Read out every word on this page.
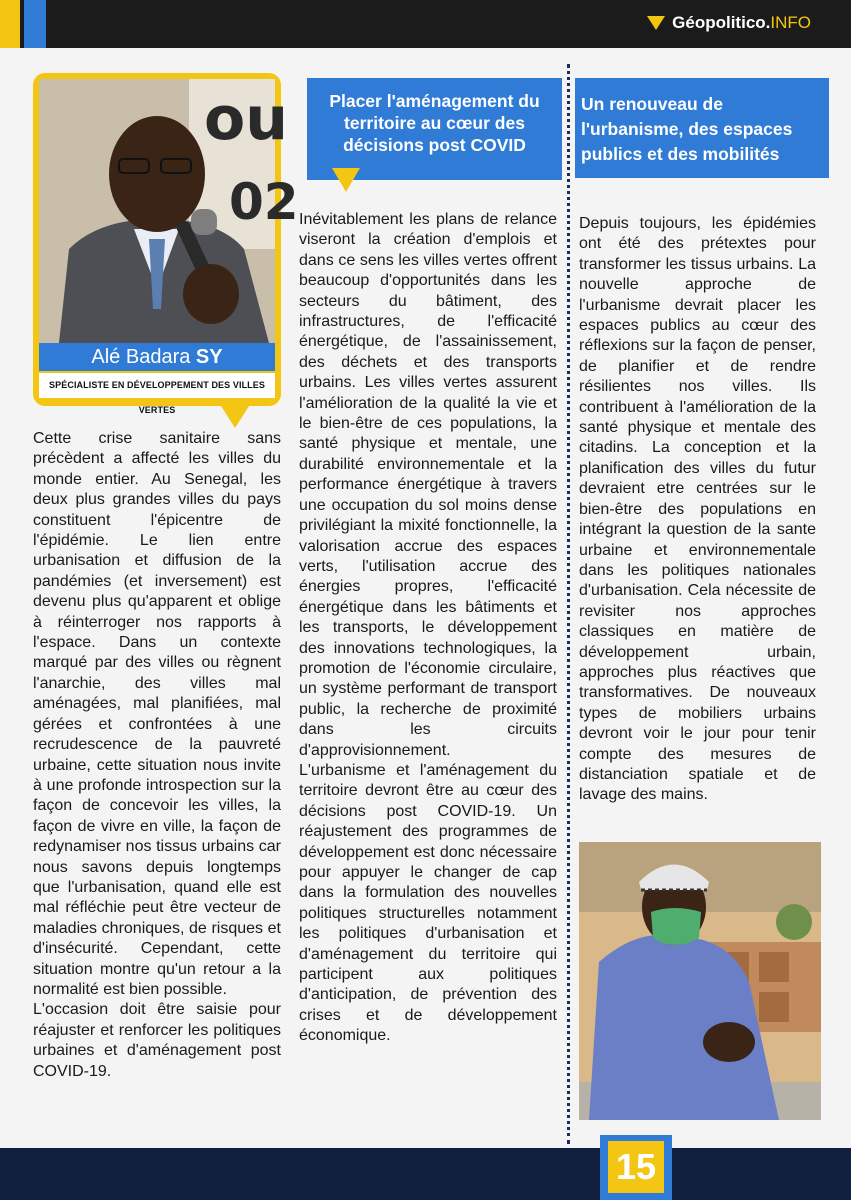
Géopolitico. INFO
ou
02
Alé Badara SY
SPÉCIALISTE EN DÉVELOPPEMENT DES VILLES VERTES

Cette crise sanitaire sans précèdent a affecté les villes du monde entier. Au Senegal, les deux plus grandes villes du pays constituent l'épicentre de l'épidémie. Le lien entre urbanisation et diffusion de la pandémies (et inversement) est devenu plus qu'apparent et oblige à réinterroger nos rapports à l'espace. Dans un contexte marqué par des villes ou règnent l'anarchie, des villes mal aménagées, mal planifiées, mal gérées et confrontées à une recrudescence de la pauvreté urbaine, cette situation nous invite à une profonde introspection sur la façon de concevoir les villes, la façon de vivre en ville, la façon de redynamiser nos tissus urbains car nous savons depuis longtemps que l'urbanisation, quand elle est mal réfléchie peut être vecteur de maladies chroniques, de risques et d'insécurité. Cependant, cette situation montre qu'un retour a la normalité est bien possible.

L'occasion doit être saisie pour réajuster et renforcer les politiques urbaines et d'aménagement post COVID-19.

Placer l'aménagement du territoire au cœur des décisions post COVID

Inévitablement les plans de relance viseront la création d'emplois et dans ce sens les villes vertes offrent beaucoup d'opportunités dans les secteurs du bâtiment, des infrastructures, de l'efficacité énergétique, de l'assainissement, des déchets et des transports urbains. Les villes vertes assurent l'amélioration de la qualité la vie et le bien-être de ces populations, la santé physique et mentale, une durabilité environnementale et la performance énergétique à travers une occupation du sol moins dense privilégiant la mixité fonctionnelle, la valorisation accrue des espaces verts, l'utilisation accrue des énergies propres, l'efficacité énergétique dans les bâtiments et les transports, le développement des innovations technologiques, la promotion de l'économie circulaire, un système performant de transport public, la recherche de proximité dans les circuits d'approvisionnement.

L'urbanisme et l'aménagement du territoire devront être au cœur des décisions post COVID-19. Un réajustement des programmes de développement est donc nécessaire pour appuyer le changer de cap dans la formulation des nouvelles politiques structurelles notamment les politiques d'urbanisation et d'aménagement du territoire qui participent aux politiques d'anticipation, de prévention des crises et de développement économique.

Un renouveau de l'urbanisme, des espaces publics et des mobilités

Depuis toujours, les épidémies ont été des prétextes pour transformer les tissus urbains. La nouvelle approche de l'urbanisme devrait placer les espaces publics au cœur des réflexions sur la façon de penser, de planifier et de rendre résilientes nos villes. Ils contribuent à l'amélioration de la santé physique et mentale des citadins. La conception et la planification des villes du futur devraient etre centrées sur le bien-être des populations en intégrant la question de la sante urbaine et environnementale dans les politiques nationales d'urbanisation. Cela nécessite de revisiter nos approches classiques en matière de développement urbain, approches plus réactives que transformatives. De nouveaux types de mobiliers urbains devront voir le jour pour tenir compte des mesures de distanciation spatiale et de lavage des mains.

15
